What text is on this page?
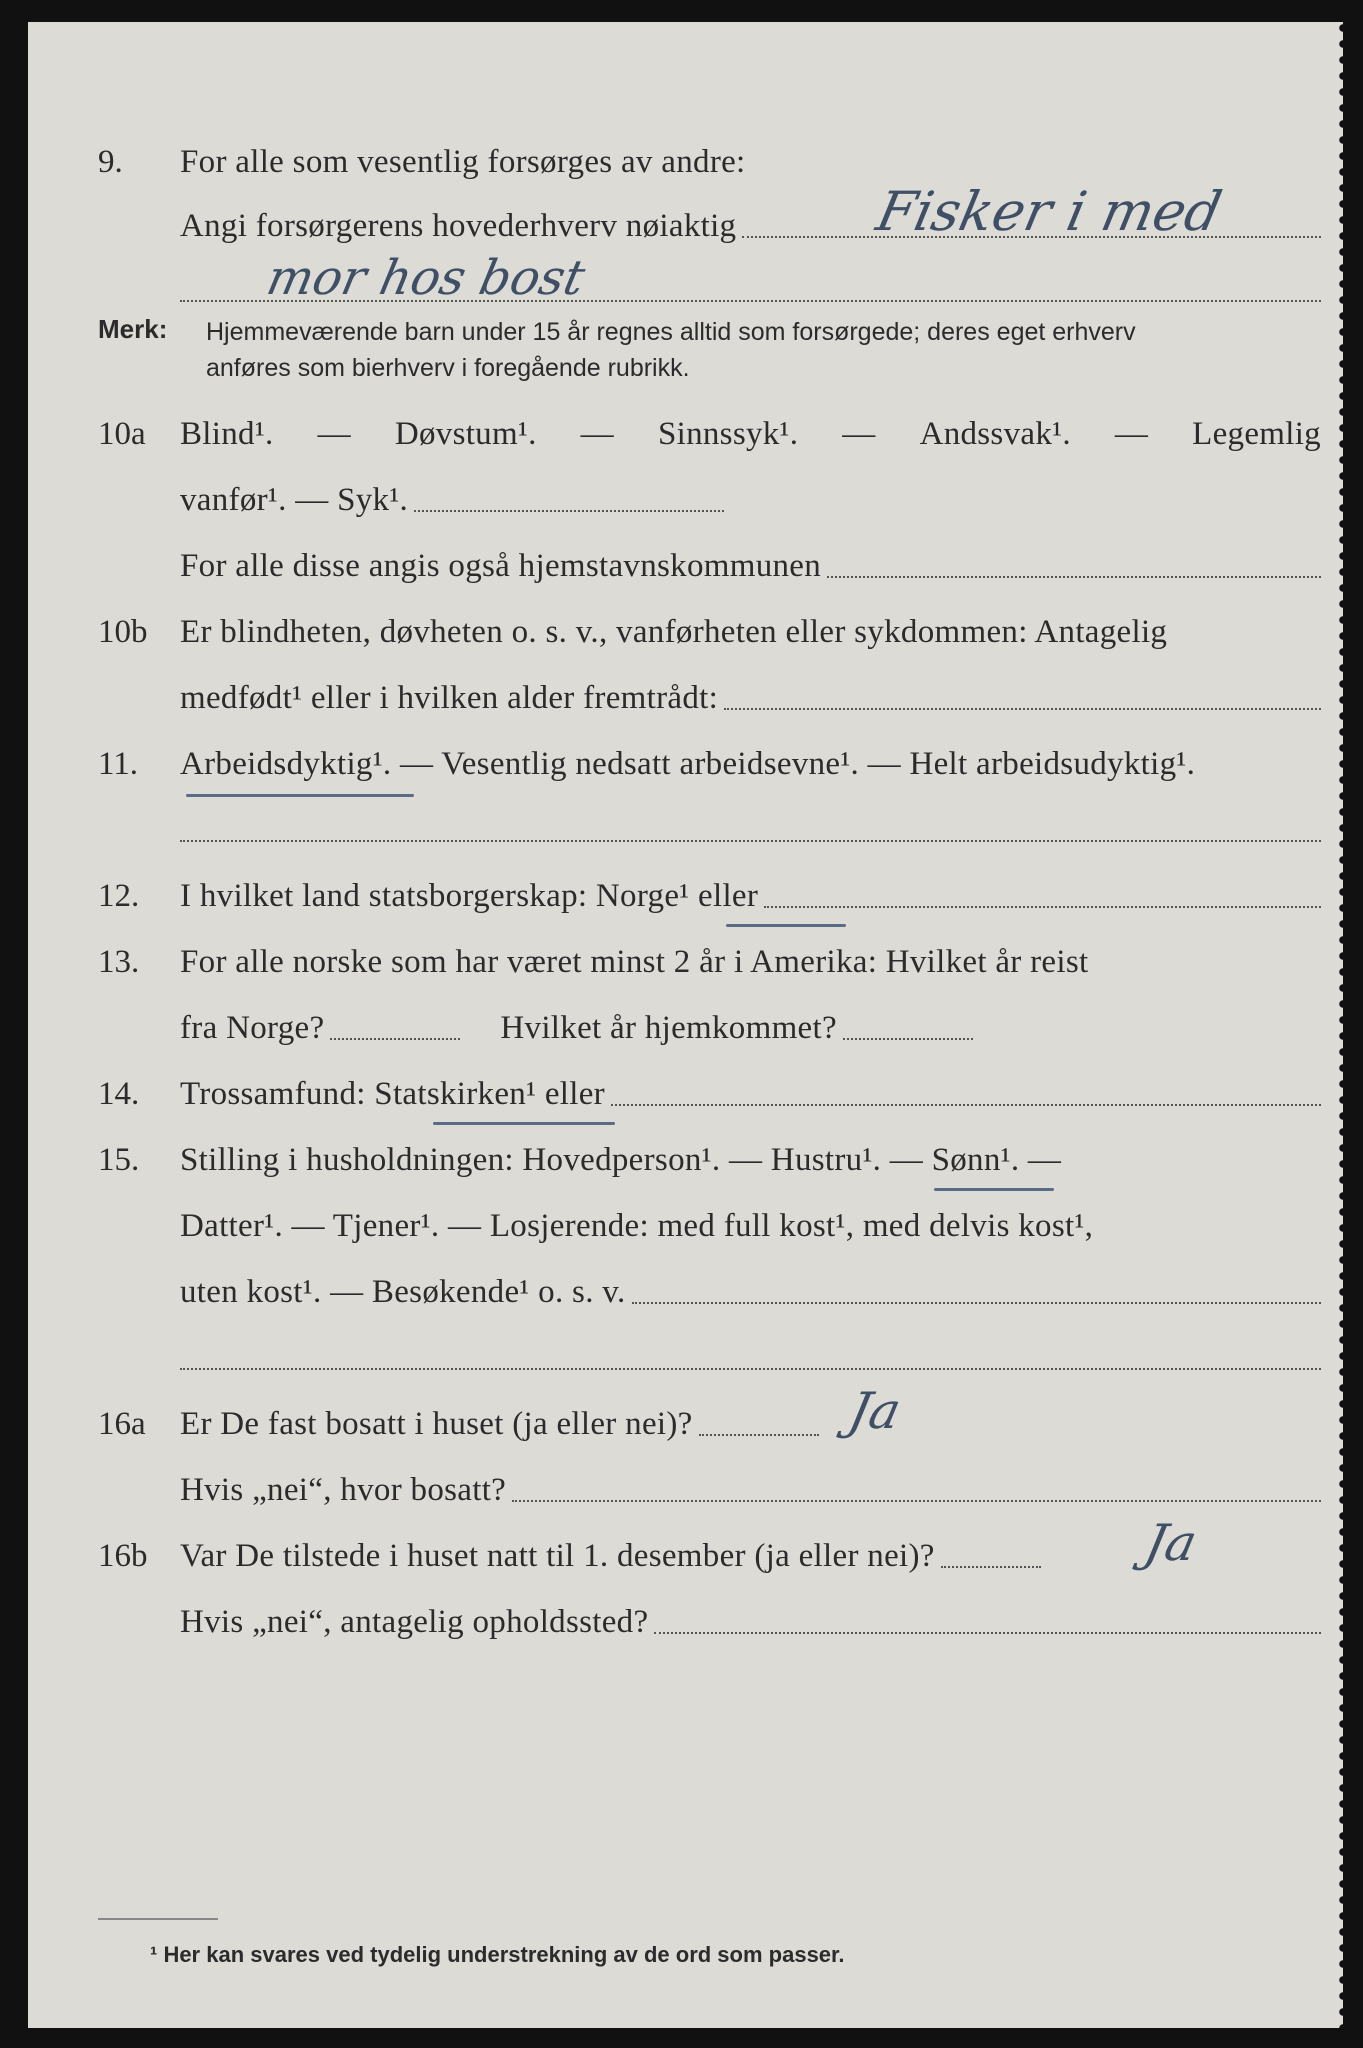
9. For alle som vesentlig forsørges av andre:
Angi forsørgerens hovederhverv nøiaktig Fisker i med
mor hos bost
Merk: Hjemmeværende barn under 15 år regnes alltid som forsørgede; deres eget erhverv
anføres som bierhverv i foregående rubrikk.
10a Blind¹. — Døvstum¹. — Sinnssyk¹. — Andssvak¹. — Legemlig
vanfør¹. — Syk¹.
For alle disse angis også hjemstavnskommunen
10b Er blindheten, døvheten o. s. v., vanførheten eller sykdommen: Antagelig
medfødt¹ eller i hvilken alder fremtrådt:
11. Arbeidsdyktig¹. — Vesentlig nedsatt arbeidsevne¹. — Helt arbeidsudyktig¹.
12. I hvilket land statsborgerskap: Norge¹ eller
13. For alle norske som har været minst 2 år i Amerika: Hvilket år reist
fra Norge?	Hvilket år hjemkommet?
14. Trossamfund: Statskirken¹ eller
15. Stilling i husholdningen: Hovedperson¹. — Hustru¹. — Sønn¹. —
Datter¹. — Tjener¹. — Losjerende: med full kost¹, med delvis kost¹,
uten kost¹. — Besøkende¹ o. s. v.
16a Er De fast bosatt i huset (ja eller nei)?	Ja
Hvis „nei“, hvor bosatt?
16b Var De tilstede i huset natt til 1. desember (ja eller nei)?	Ja
Hvis „nei“, antagelig opholdssted?
¹ Her kan svares ved tydelig understrekning av de ord som passer.
